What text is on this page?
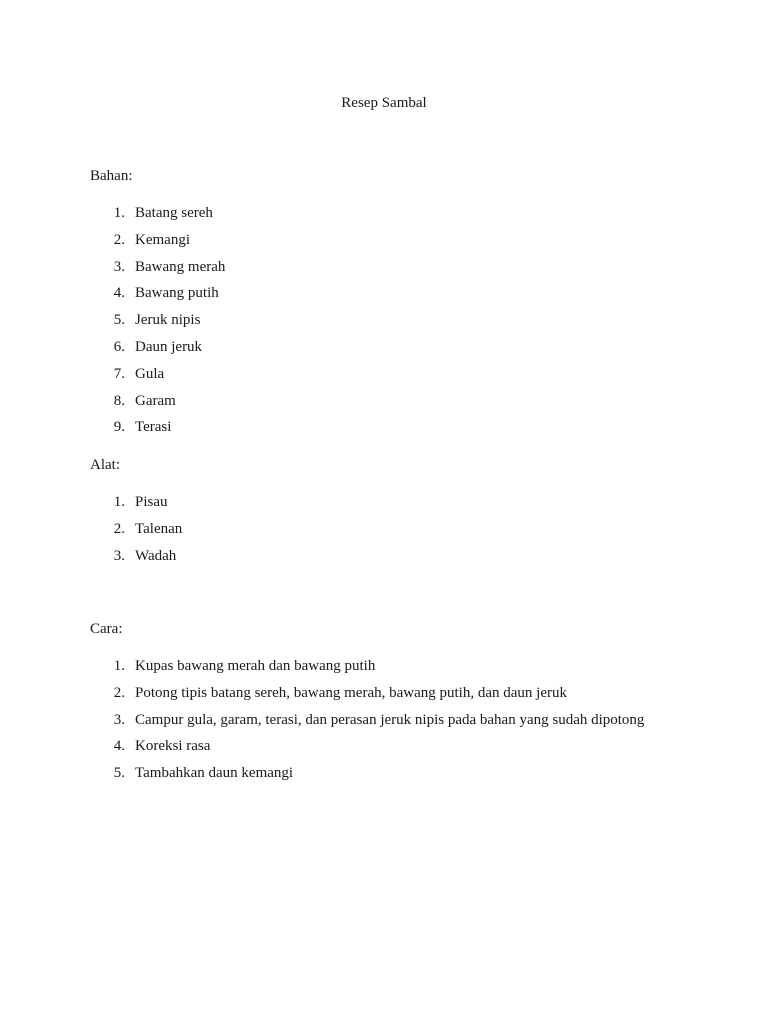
Resep Sambal
Bahan:
1. Batang sereh
2. Kemangi
3. Bawang merah
4. Bawang putih
5. Jeruk nipis
6. Daun jeruk
7. Gula
8. Garam
9. Terasi
Alat:
1. Pisau
2. Talenan
3. Wadah
Cara:
1. Kupas bawang merah dan bawang putih
2. Potong tipis batang sereh, bawang merah, bawang putih, dan daun jeruk
3. Campur gula, garam, terasi, dan perasan jeruk nipis pada bahan yang sudah dipotong
4. Koreksi rasa
5. Tambahkan daun kemangi
